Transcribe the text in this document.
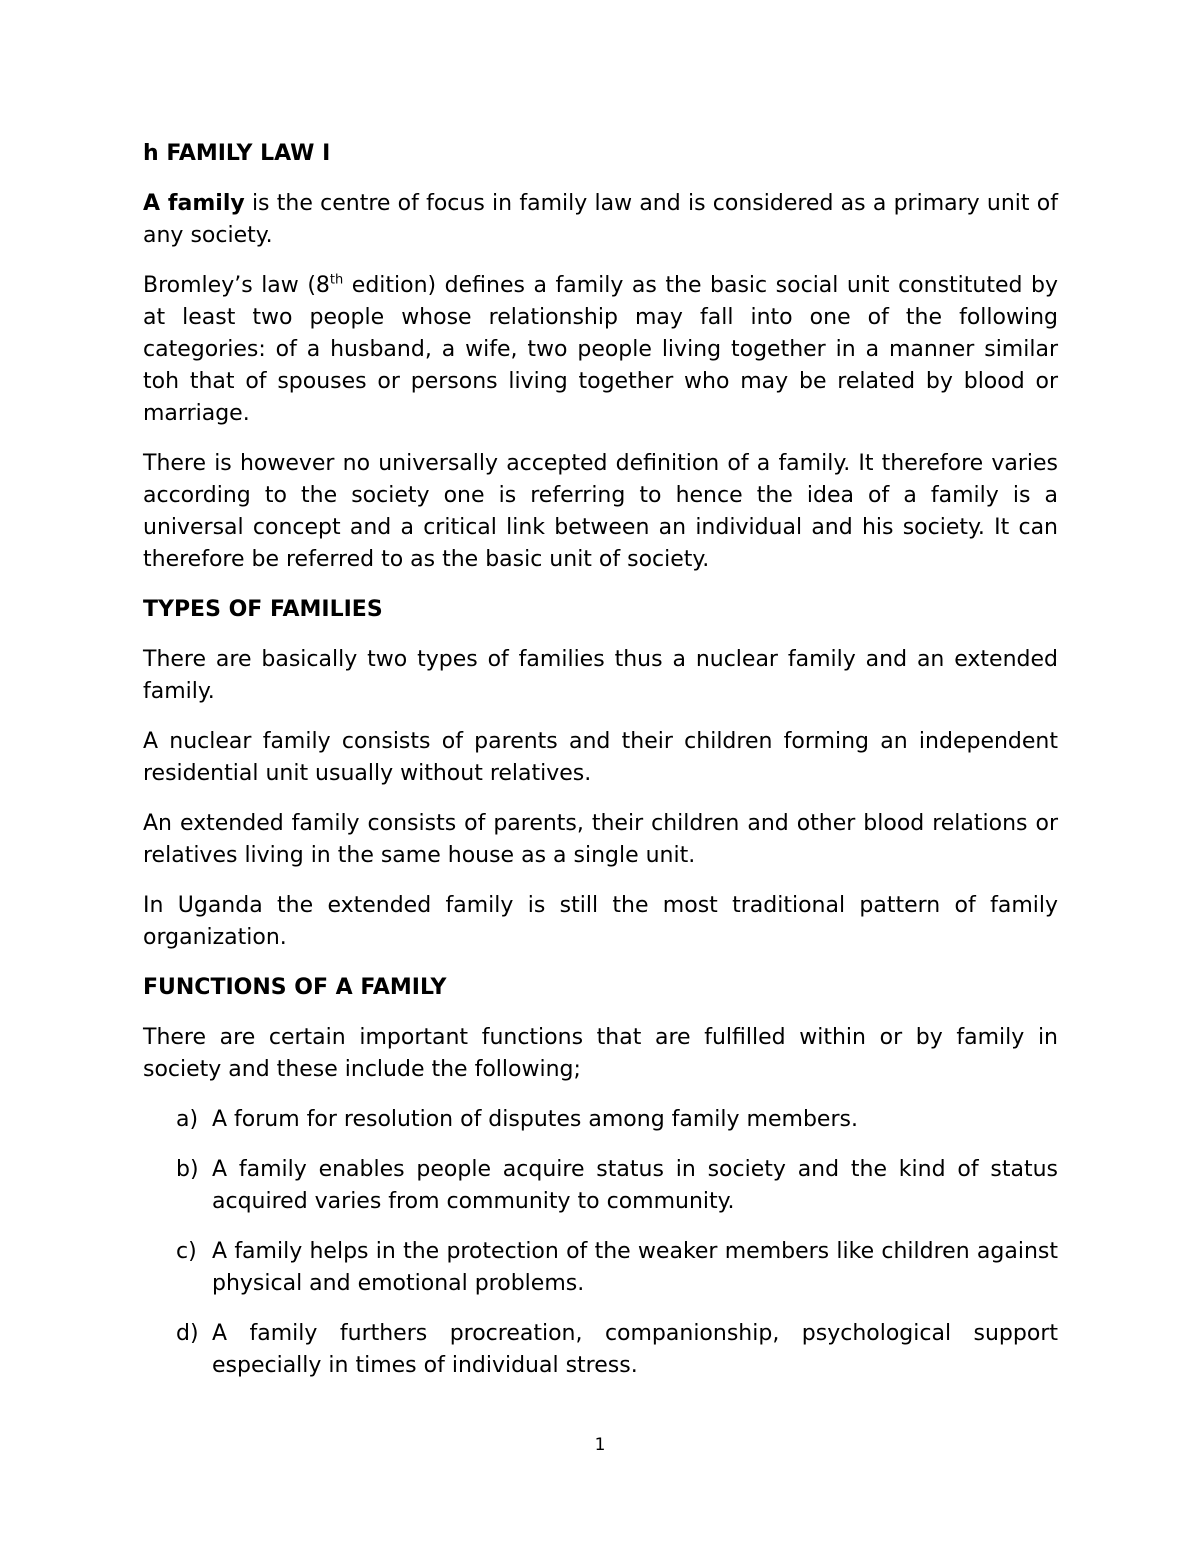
h FAMILY LAW I

A family is the centre of focus in family law and is considered as a primary unit of any society.

Bromley’s law (8th edition) defines a family as the basic social unit constituted by at least two people whose relationship may fall into one of the following categories: of a husband, a wife, two people living together in a manner similar toh that of spouses or persons living together who may be related by blood or marriage.

There is however no universally accepted definition of a family. It therefore varies according to the society one is referring to hence the idea of a family is a universal concept and a critical link between an individual and his society. It can therefore be referred to as the basic unit of society.

TYPES OF FAMILIES

There are basically two types of families thus a nuclear family and an extended family.

A nuclear family consists of parents and their children forming an independent residential unit usually without relatives.

An extended family consists of parents, their children and other blood relations or relatives living in the same house as a single unit.

In Uganda the extended family is still the most traditional pattern of family organization.

FUNCTIONS OF A FAMILY

There are certain important functions that are fulfilled within or by family in society and these include the following;

a) A forum for resolution of disputes among family members.
b) A family enables people acquire status in society and the kind of status acquired varies from community to community.
c) A family helps in the protection of the weaker members like children against physical and emotional problems.
d) A family furthers procreation, companionship, psychological support especially in times of individual stress.
1
